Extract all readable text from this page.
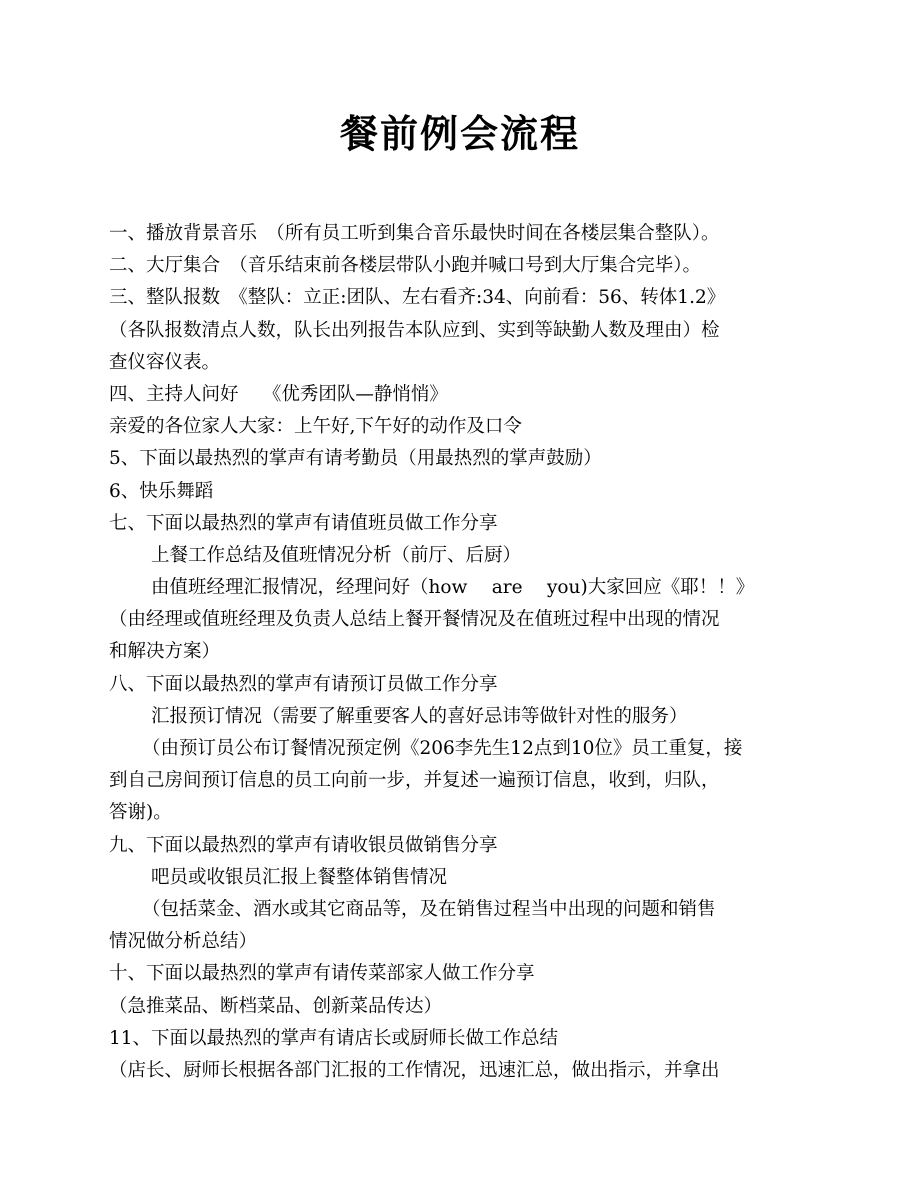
餐前例会流程
一、播放背景音乐　（所有员工听到集合音乐最快时间在各楼层集合整队）。
二、大厅集合　（音乐结束前各楼层带队小跑并喊口号到大厅集合完毕）。
三、整队报数　《整队：立正:团队、左右看齐:34、向前看：56、转体1.2》
（各队报数清点人数，队长出列报告本队应到、实到等缺勤人数及理由）检
查仪容仪表。
四、主持人问好　 《优秀团队—静悄悄》
亲爱的各位家人大家：上午好,下午好的动作及口令
5、下面以最热烈的掌声有请考勤员（用最热烈的掌声鼓励）
6、快乐舞蹈
七、下面以最热烈的掌声有请值班员做工作分享
上餐工作总结及值班情况分析（前厅、后厨）
由值班经理汇报情况，经理问好（how　 are　 you)大家回应《耶！！》
（由经理或值班经理及负责人总结上餐开餐情况及在值班过程中出现的情况
和解决方案）
八、下面以最热烈的掌声有请预订员做工作分享
汇报预订情况（需要了解重要客人的喜好忌讳等做针对性的服务）
（由预订员公布订餐情况预定例《206李先生12点到10位》员工重复，接
到自己房间预订信息的员工向前一步，并复述一遍预订信息，收到，归队，
答谢)。
九、下面以最热烈的掌声有请收银员做销售分享
吧员或收银员汇报上餐整体销售情况
（包括菜金、酒水或其它商品等，及在销售过程当中出现的问题和销售
情况做分析总结）
十、下面以最热烈的掌声有请传菜部家人做工作分享
（急推菜品、断档菜品、创新菜品传达）
11、下面以最热烈的掌声有请店长或厨师长做工作总结
（店长、厨师长根据各部门汇报的工作情况，迅速汇总，做出指示，并拿出
